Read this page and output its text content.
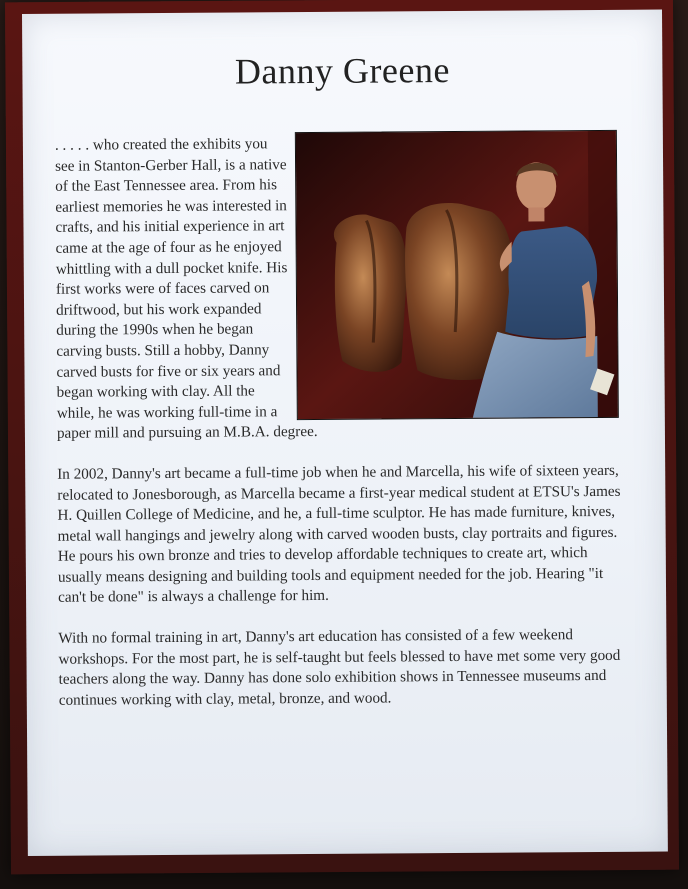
Danny Greene

. . . . . who created the exhibits you see in Stanton-Gerber Hall, is a native of the East Tennessee area. From his earliest memories he was interested in crafts, and his initial experience in art came at the age of four as he enjoyed whittling with a dull pocket knife. His first works were of faces carved on driftwood, but his work expanded during the 1990s when he began carving busts. Still a hobby, Danny carved busts for five or six years and began working with clay. All the while, he was working full-time in a paper mill and pursuing an M.B.A. degree.

In 2002, Danny's art became a full-time job when he and Marcella, his wife of sixteen years, relocated to Jonesborough, as Marcella became a first-year medical student at ETSU's James H. Quillen College of Medicine, and he, a full-time sculptor. He has made furniture, knives, metal wall hangings and jewelry along with carved wooden busts, clay portraits and figures. He pours his own bronze and tries to develop affordable techniques to create art, which usually means designing and building tools and equipment needed for the job. Hearing "it can't be done" is always a challenge for him.

With no formal training in art, Danny's art education has consisted of a few weekend workshops. For the most part, he is self-taught but feels blessed to have met some very good teachers along the way. Danny has done solo exhibition shows in Tennessee museums and continues working with clay, metal, bronze, and wood.
